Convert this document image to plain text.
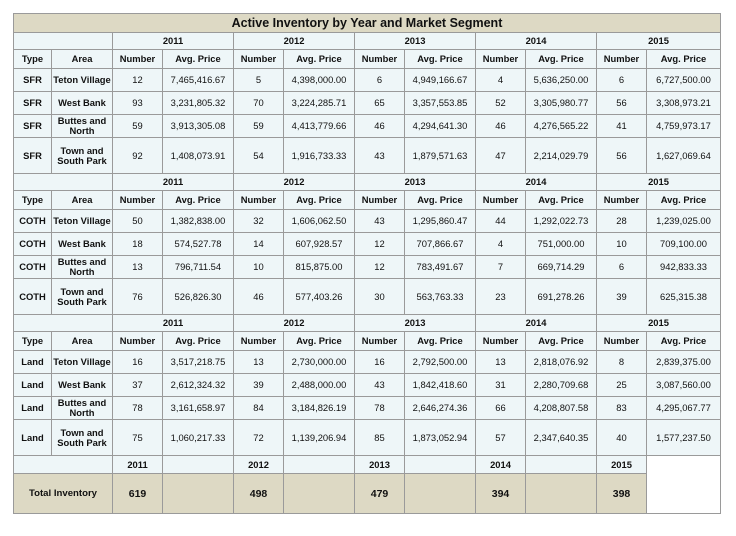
Active Inventory by Year and Market Segment											
		2011		2012		2013		2014		2015	
Type	Area	Number	Avg. Price	Number	Avg. Price	Number	Avg. Price	Number	Avg. Price	Number	Avg. Price
SFR	Teton Village	12	7,465,416.67	5	4,398,000.00	6	4,949,166.67	4	5,636,250.00	6	6,727,500.00
SFR	West Bank	93	3,231,805.32	70	3,224,285.71	65	3,357,553.85	52	3,305,980.77	56	3,308,973.21
SFR	Buttes and North	59	3,913,305.08	59	4,413,779.66	46	4,294,641.30	46	4,276,565.22	41	4,759,973.17
SFR	Town and South Park	92	1,408,073.91	54	1,916,733.33	43	1,879,571.63	47	2,214,029.79	56	1,627,069.64
		2011		2012		2013		2014		2015	
Type	Area	Number	Avg. Price	Number	Avg. Price	Number	Avg. Price	Number	Avg. Price	Number	Avg. Price
COTH	Teton Village	50	1,382,838.00	32	1,606,062.50	43	1,295,860.47	44	1,292,022.73	28	1,239,025.00
COTH	West Bank	18	574,527.78	14	607,928.57	12	707,866.67	4	751,000.00	10	709,100.00
COTH	Buttes and North	13	796,711.54	10	815,875.00	12	783,491.67	7	669,714.29	6	942,833.33
COTH	Town and South Park	76	526,826.30	46	577,403.26	30	563,763.33	23	691,278.26	39	625,315.38
		2011		2012		2013		2014		2015	
Type	Area	Number	Avg. Price	Number	Avg. Price	Number	Avg. Price	Number	Avg. Price	Number	Avg. Price
Land	Teton Village	16	3,517,218.75	13	2,730,000.00	16	2,792,500.00	13	2,818,076.92	8	2,839,375.00
Land	West Bank	37	2,612,324.32	39	2,488,000.00	43	1,842,418.60	31	2,280,709.68	25	3,087,560.00
Land	Buttes and North	78	3,161,658.97	84	3,184,826.19	78	2,646,274.36	66	4,208,807.58	83	4,295,067.77
Land	Town and South Park	75	1,060,217.33	72	1,139,206.94	85	1,873,052.94	57	2,347,640.35	40	1,577,237.50
		2011		2012		2013		2014		2015	
Total Inventory		619		498		479		394		398	
